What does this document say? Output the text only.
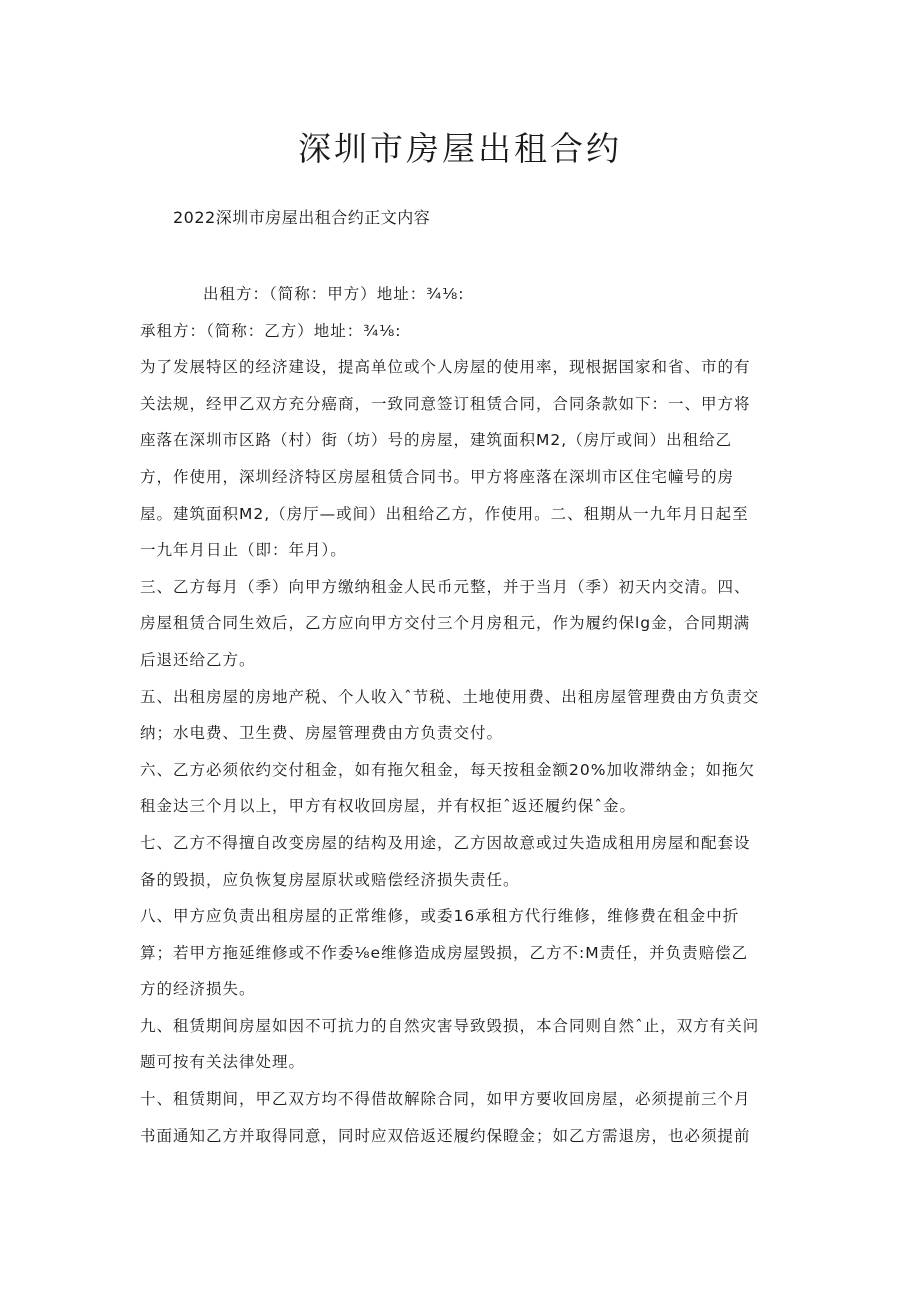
深圳市房屋出租合约
2022深圳市房屋出租合约正文内容
出租方：（简称：甲方）地址：¾⅛:
承租方：（简称：乙方）地址：¾⅛:
为了发展特区的经济建设，提高单位或个人房屋的使用率，现根据国家和省、市的有
关法规，经甲乙双方充分癌商，一致同意签订租赁合同，合同条款如下：一、甲方将
座落在深圳市区路（村）街（坊）号的房屋，建筑面积M2,（房厅或间）出租给乙
方，作使用，深圳经济特区房屋租赁合同书。甲方将座落在深圳市区住宅幢号的房
屋。建筑面积M2,（房厅—或间）出租给乙方，作使用。二、租期从一九年月日起至
一九年月日止（即：年月）。
三、乙方每月（季）向甲方缴纳租金人民币元整，并于当月（季）初天内交清。四、
房屋租赁合同生效后，乙方应向甲方交付三个月房租元，作为履约保lg金，合同期满
后退还给乙方。
五、出租房屋的房地产税、个人收入ˆ节税、土地使用费、出租房屋管理费由方负责交
纳；水电费、卫生费、房屋管理费由方负责交付。
六、乙方必须依约交付租金，如有拖欠租金，每天按租金额20%加收滞纳金；如拖欠
租金达三个月以上，甲方有权收回房屋，并有权拒ˆ返还履约保ˆ金。
七、乙方不得擅自改变房屋的结构及用途，乙方因故意或过失造成租用房屋和配套设
备的毁损，应负恢复房屋原状或赔偿经济损失责任。
八、甲方应负责出租房屋的正常维修，或委16承租方代行维修，维修费在租金中折
算；若甲方拖延维修或不作委⅛e维修造成房屋毁损，乙方不:M责任，并负责赔偿乙
方的经济损失。
九、租赁期间房屋如因不可抗力的自然灾害导致毁损，本合同则自然ˆ止，双方有关问
题可按有关法律处理。
十、租赁期间，甲乙双方均不得借故解除合同，如甲方要收回房屋，必须提前三个月
书面通知乙方并取得同意，同时应双倍返还履约保瞪金；如乙方需退房，也必须提前
